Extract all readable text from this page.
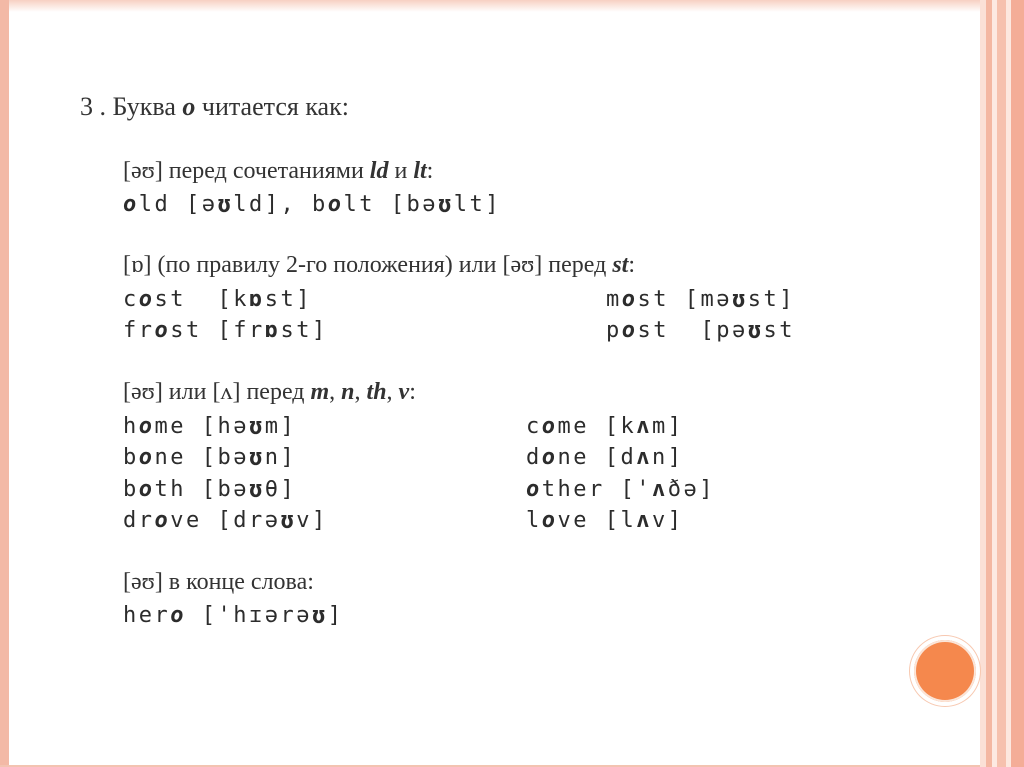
3 . Буква o читается как:
[əʊ] перед сочетаниями ld и lt:
old [əʊld], bolt [bəʊlt]
[ɒ] (по правилу 2-го положения) или [əʊ] перед st:
cost  [kɒst]	most [məʊst]
frost [frɒst]	post  [pəʊst
[əʊ] или [ʌ] перед m, n, th, v:
home [həʊm]	come [kʌm]
bone [bəʊn]	done [dʌn]
both [bəʊθ]	other ['ʌðə]
drove [drəʊv]	love [lʌv]
[əʊ] в конце слова:
hero ['hɪərəʊ]
